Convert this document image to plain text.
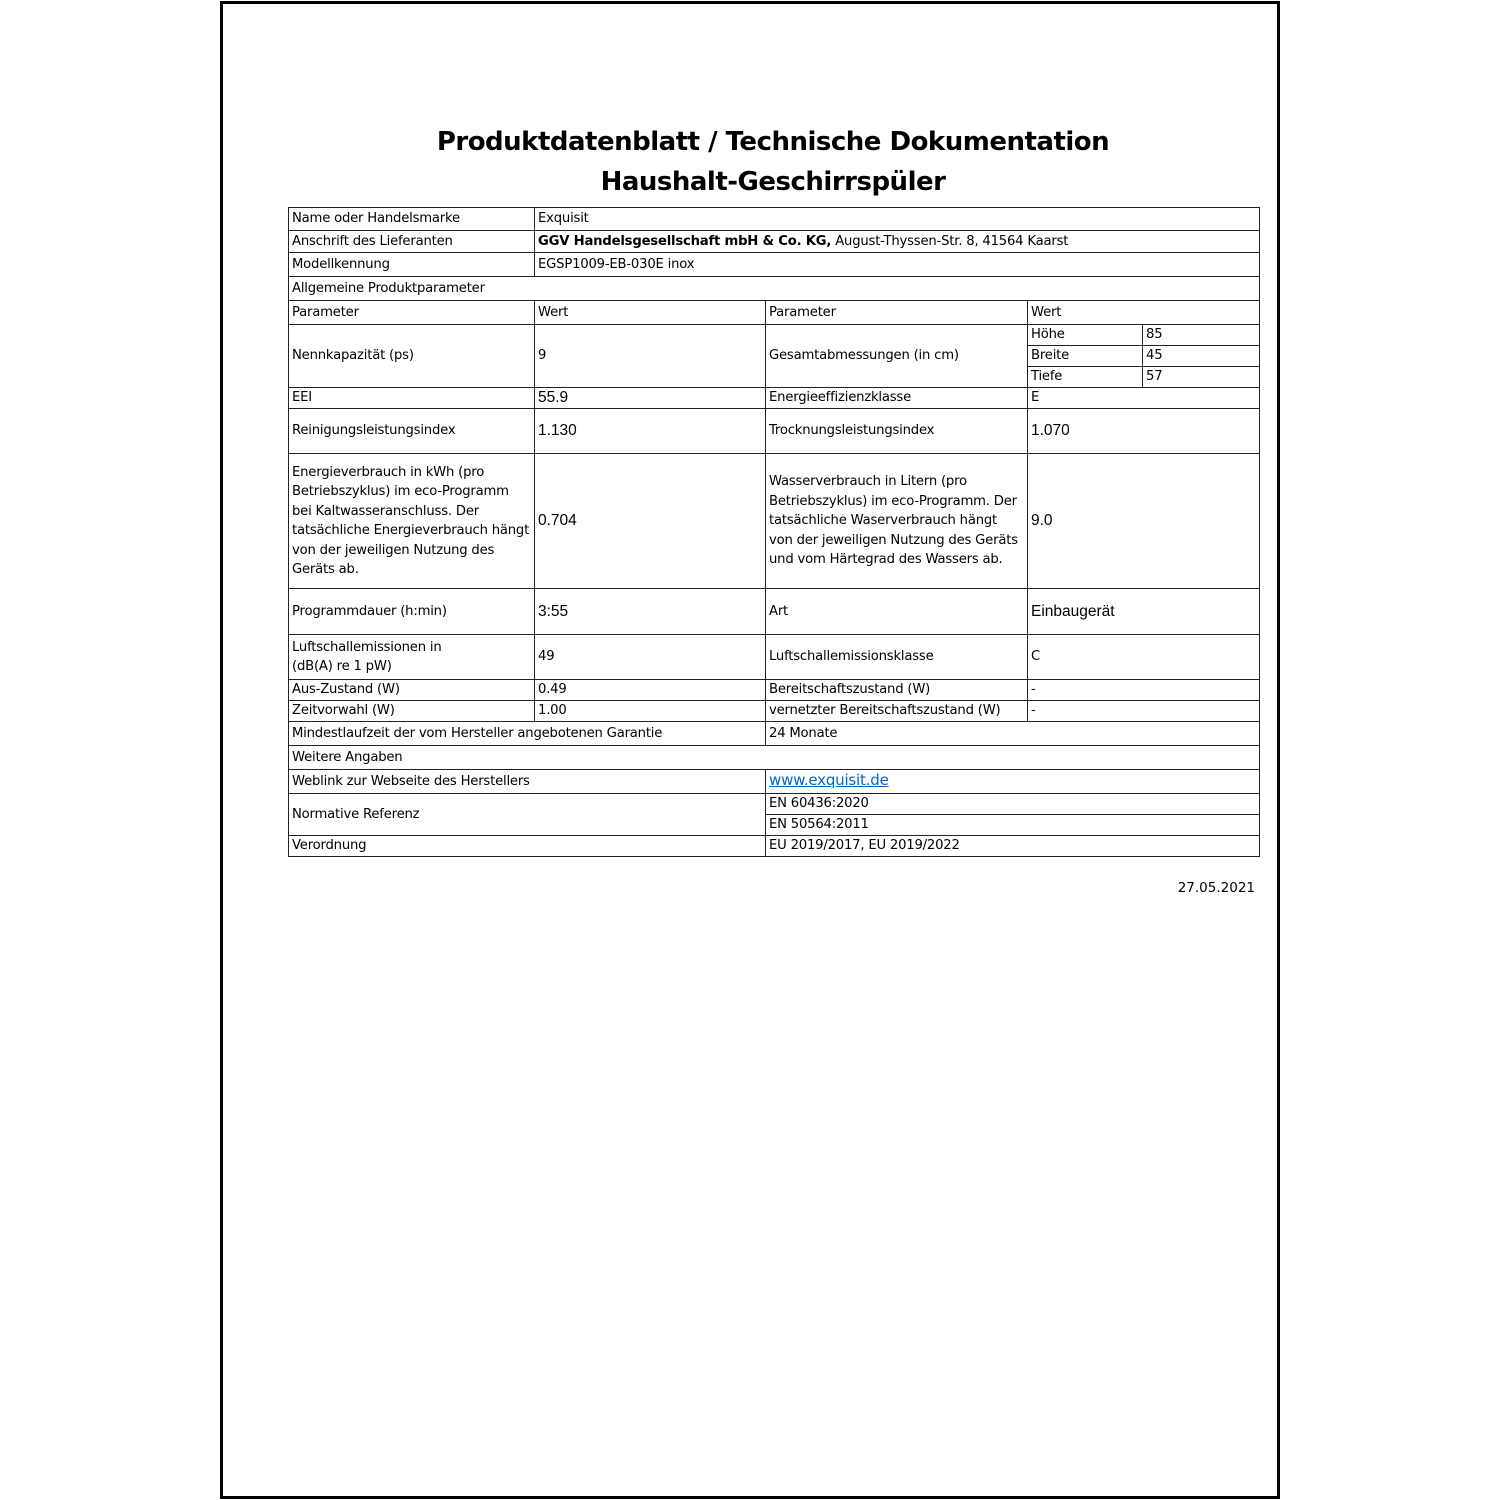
Produktdatenblatt / Technische Dokumentation
Haushalt-Geschirrspüler
Name oder Handelsmarke	Exquisit			
Anschrift des Lieferanten	GGV Handelsgesellschaft mbH & Co. KG, August-Thyssen-Str. 8, 41564 Kaarst			
Modellkennung	EGSP1009-EB-030E inox			
Allgemeine Produktparameter				
Parameter	Wert	Parameter	Wert	
Nennkapazität (ps)	9	Gesamtabmessungen (in cm)	Höhe	85
			Breite	45
			Tiefe	57
EEI	55.9	Energieeffizienzklasse	E	
Reinigungsleistungsindex	1.130	Trocknungsleistungsindex	1.070	
Energieverbrauch in kWh (pro Betriebszyklus) im eco-Programm bei Kaltwasseranschluss. Der tatsächliche Energieverbrauch hängt von der jeweiligen Nutzung des Geräts ab.	0.704	Wasserverbrauch in Litern (pro Betriebszyklus) im eco-Programm. Der tatsächliche Waserverbrauch hängt von der jeweiligen Nutzung des Geräts und vom Härtegrad des Wassers ab.	9.0	
Programmdauer (h:min)	3:55	Art	Einbaugerät	
Luftschallemissionen in (dB(A) re 1 pW)	49	Luftschallemissionsklasse	C	
Aus-Zustand (W)	0.49	Bereitschaftszustand (W)	-	
Zeitvorwahl (W)	1.00	vernetzter Bereitschaftszustand (W)	-	
Mindestlaufzeit der vom Hersteller angebotenen Garantie		24 Monate		
Weitere Angaben				
Weblink zur Webseite des Herstellers		www.exquisit.de		
Normative Referenz		EN 60436:2020		
		EN 50564:2011		
Verordnung		EU 2019/2017, EU 2019/2022		
27.05.2021
